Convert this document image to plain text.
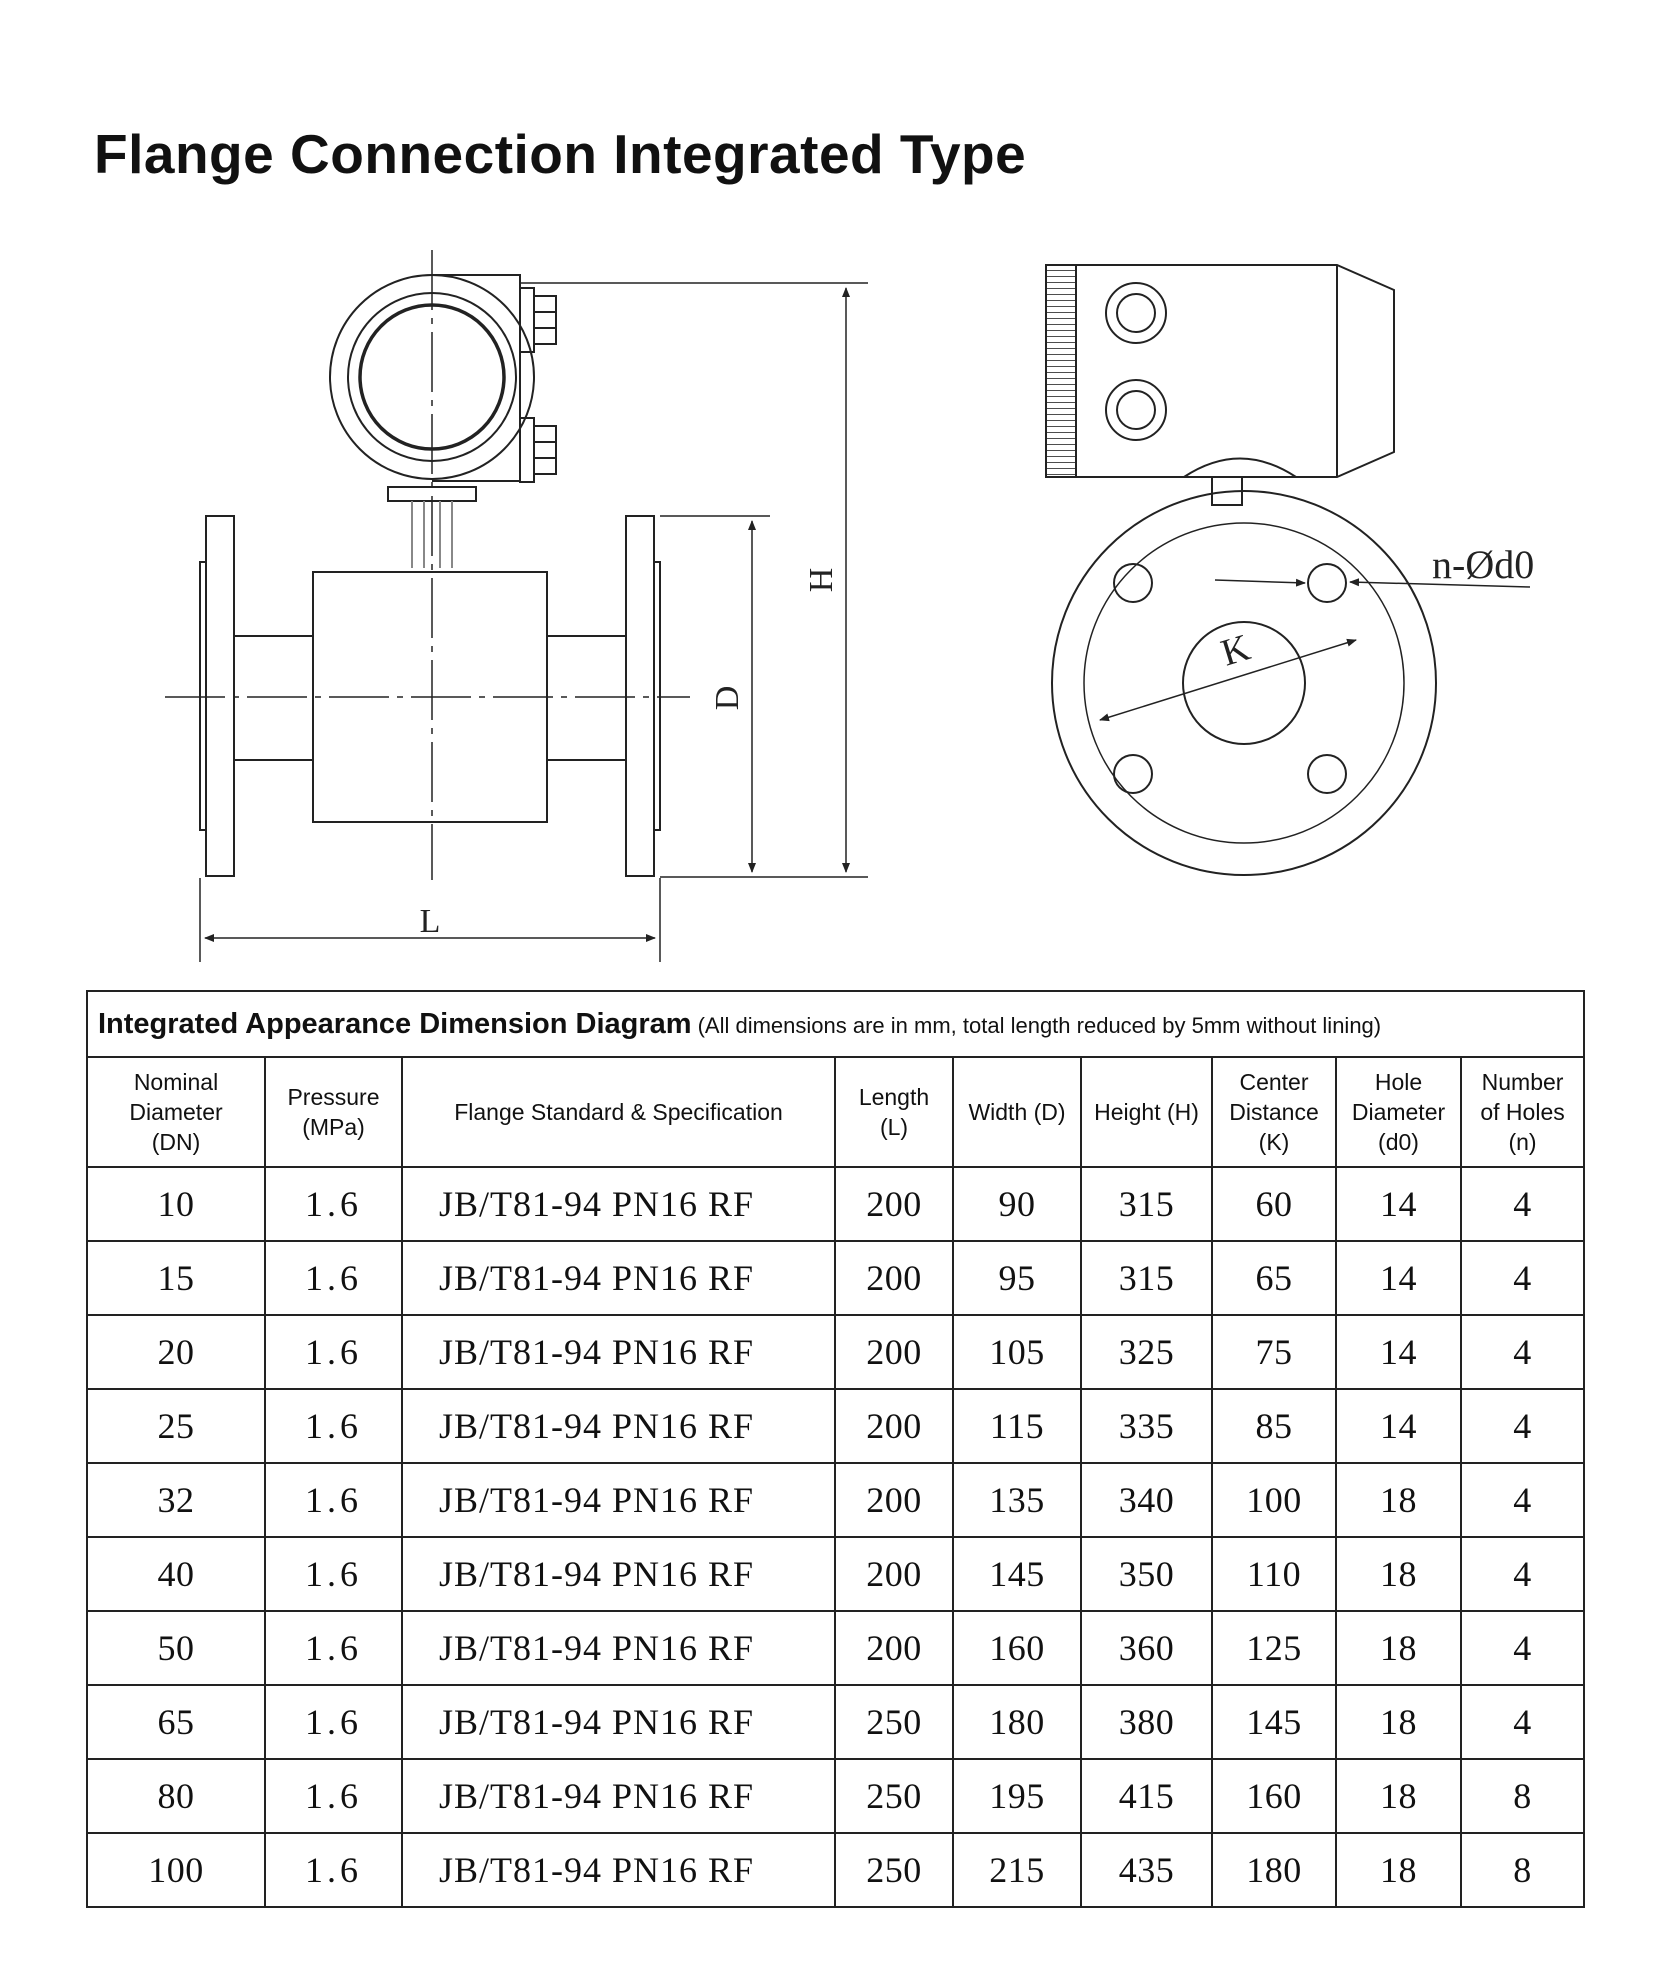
Flange Connection Integrated Type
H
D
L
K
n-Ød0
Integrated Appearance Dimension Diagram (All dimensions are in mm, total length reduced by 5mm without lining)								
Nominal
Diameter
(DN)	Pressure
(MPa)	Flange Standard & Specification	Length
(L)	Width (D)	Height (H)	Center
Distance
(K)	Hole
Diameter
(d0)	Number
of Holes
(n)
10	1.6	JB/T81-94 PN16 RF	200	90	315	60	14	4
15	1.6	JB/T81-94 PN16 RF	200	95	315	65	14	4
20	1.6	JB/T81-94 PN16 RF	200	105	325	75	14	4
25	1.6	JB/T81-94 PN16 RF	200	115	335	85	14	4
32	1.6	JB/T81-94 PN16 RF	200	135	340	100	18	4
40	1.6	JB/T81-94 PN16 RF	200	145	350	110	18	4
50	1.6	JB/T81-94 PN16 RF	200	160	360	125	18	4
65	1.6	JB/T81-94 PN16 RF	250	180	380	145	18	4
80	1.6	JB/T81-94 PN16 RF	250	195	415	160	18	8
100	1.6	JB/T81-94 PN16 RF	250	215	435	180	18	8
